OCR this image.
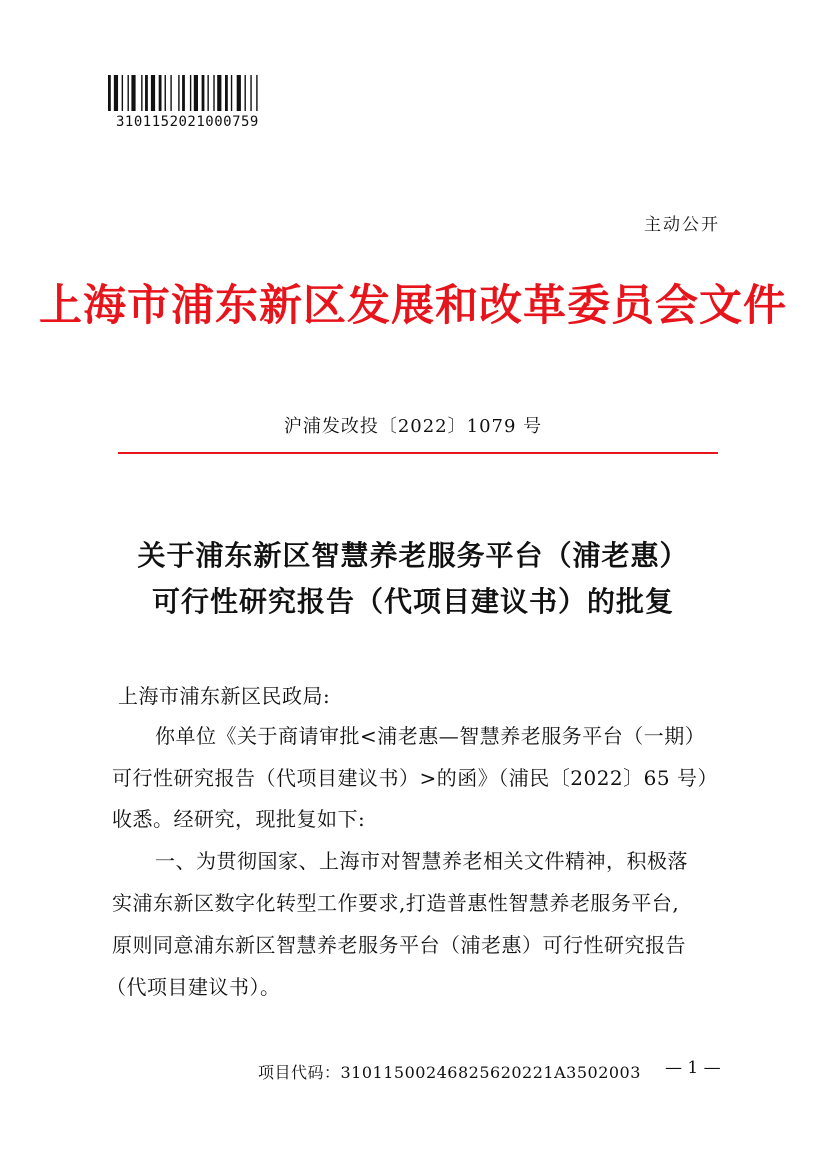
3101152021000759
主动公开
上海市浦东新区发展和改革委员会文件
沪浦发改投〔2022〕1079 号
关于浦东新区智慧养老服务平台（浦老惠）
可行性研究报告（代项目建议书）的批复
上海市浦东新区民政局:
你单位《关于商请审批<浦老惠—智慧养老服务平台（一期）
可行性研究报告（代项目建议书）>的函》（浦民〔2022〕65 号）
收悉。经研究，现批复如下:
一、为贯彻国家、上海市对智慧养老相关文件精神，积极落
实浦东新区数字化转型工作要求,打造普惠性智慧养老服务平台,
原则同意浦东新区智慧养老服务平台（浦老惠）可行性研究报告
（代项目建议书）。
项目代码：31011500246825620221A3502003 — 1 —
